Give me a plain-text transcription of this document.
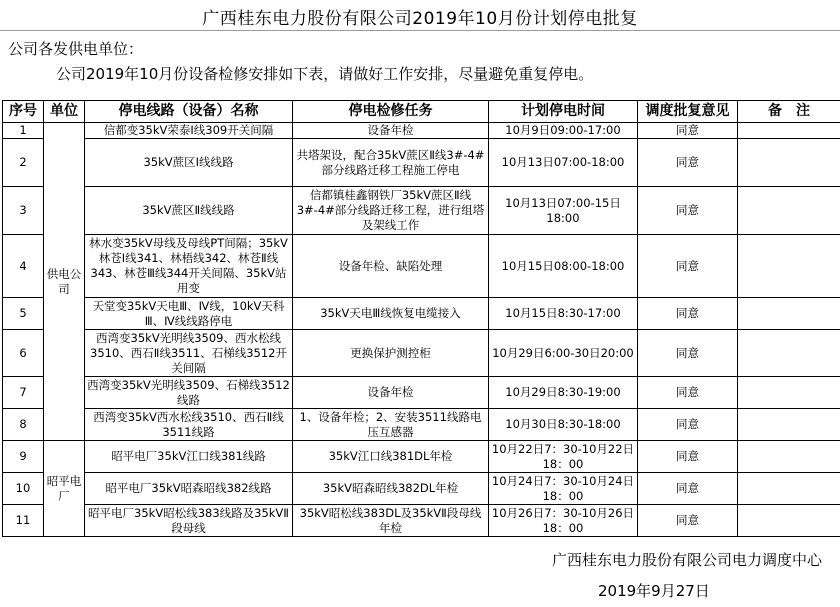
广西桂东电力股份有限公司2019年10月份计划停电批复
公司各发供电单位：
公司2019年10月份设备检修安排如下表，请做好工作安排，尽量避免重复停电。
序号	单位	停电线路（设备）名称	停电检修任务	计划停电时间	调度批复意见	备　注
1	供电公司	信都变35kV荣泰Ⅰ线309开关间隔	设备年检	10月9日09:00-17:00	同意	
2		35kV蔗区Ⅰ线线路	共塔架设，配合35kV蔗区Ⅱ线3#-4#部分线路迁移工程施工停电	10月13日07:00-18:00	同意	
3		35kV蔗区Ⅱ线线路	信都镇桂鑫钢铁厂35kV蔗区Ⅱ线3#-4#部分线路迁移工程，进行组塔及架线工作	10月13日07:00-15日18:00	同意	
4		林水变35kV母线及母线PT间隔；35kV林苍Ⅰ线341、林梧线342、林苍Ⅱ线343、林苍Ⅲ线344开关间隔、35kV站用变	设备年检、缺陷处理	10月15日08:00-18:00	同意	
5		天堂变35kV天电Ⅲ、Ⅳ线，10kV天科Ⅲ、Ⅳ线线路停电	35kV天电Ⅲ线恢复电缆接入	10月15日8:30-17:00	同意	
6		西湾变35kV光明线3509、西水松线3510、西石Ⅱ线3511、石梯线3512开关间隔	更换保护测控柜	10月29日6:00-30日20:00	同意	
7		西湾变35kV光明线3509、石梯线3512线路	设备年检	10月29日8:30-19:00	同意	
8		西湾变35kV西水松线3510、西石Ⅱ线3511线路	1、设备年检；2、安装3511线路电压互感器	10月30日8:30-18:00	同意	
9	昭平电厂	昭平电厂35kV江口线381线路	35kV江口线381DL年检	10月22日7：30-10月22日18：00	同意	
10		昭平电厂35kV昭森昭线382线路	35kV昭森昭线382DL年检	10月24日7：30-10月24日18：00	同意	
11		昭平电厂35kV昭松线383线路及35kVⅡ段母线	35kV昭松线383DL及35kVⅡ段母线年检	10月26日7：30-10月26日18：00	同意	
广西桂东电力股份有限公司电力调度中心
2019年9月27日
